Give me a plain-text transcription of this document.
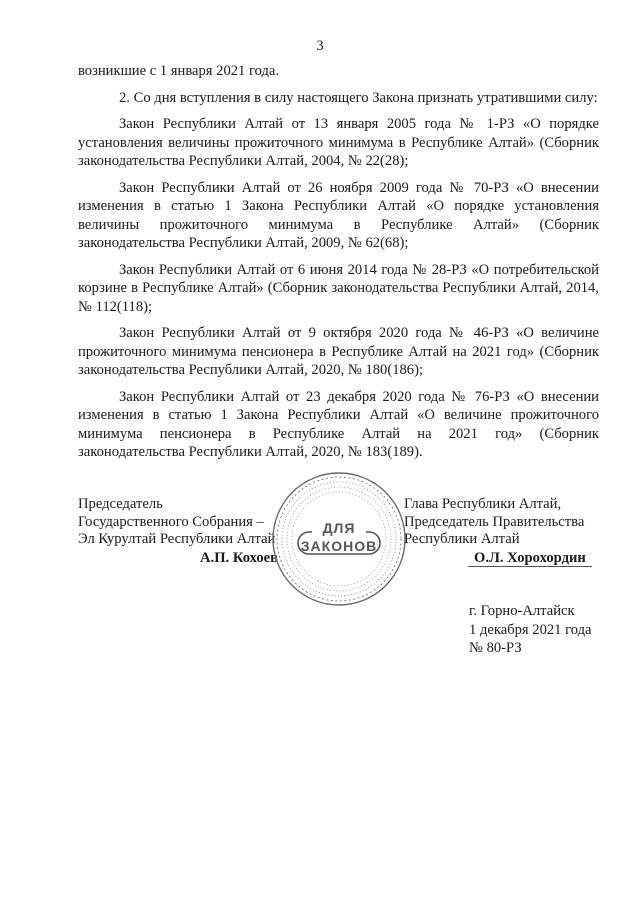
3

возникшие с 1 января 2021 года.

2. Со дня вступления в силу настоящего Закона признать утратившими силу:

Закон Республики Алтай от 13 января 2005 года № 1-РЗ «О порядке установления величины прожиточного минимума в Республике Алтай» (Сборник законодательства Республики Алтай, 2004, № 22(28);

Закон Республики Алтай от 26 ноября 2009 года № 70-РЗ «О внесении изменения в статью 1 Закона Республики Алтай «О порядке установления величины прожиточного минимума в Республике Алтай» (Сборник законодательства Республики Алтай, 2009, № 62(68);

Закон Республики Алтай от 6 июня 2014 года № 28-РЗ «О потребительской корзине в Республике Алтай» (Сборник законодательства Республики Алтай, 2014, № 112(118);

Закон Республики Алтай от 9 октября 2020 года № 46-РЗ «О величине прожиточного минимума пенсионера в Республике Алтай на 2021 год» (Сборник законодательства Республики Алтай, 2020, № 180(186);

Закон Республики Алтай от 23 декабря 2020 года № 76-РЗ «О внесении изменения в статью 1 Закона Республики Алтай «О величине прожиточного минимума пенсионера в Республике Алтай на 2021 год» (Сборник законодательства Республики Алтай, 2020, № 183(189).

Председатель
Государственного Собрания –
Эл Курултай Республики Алтай
А.П. Кохоев
Глава Республики Алтай,
Председатель Правительства
Республики Алтай
О.Л. Хорохордин
ДЛЯ
ЗАКОНОВ
г. Горно-Алтайск
1 декабря 2021 года
№ 80-РЗ
